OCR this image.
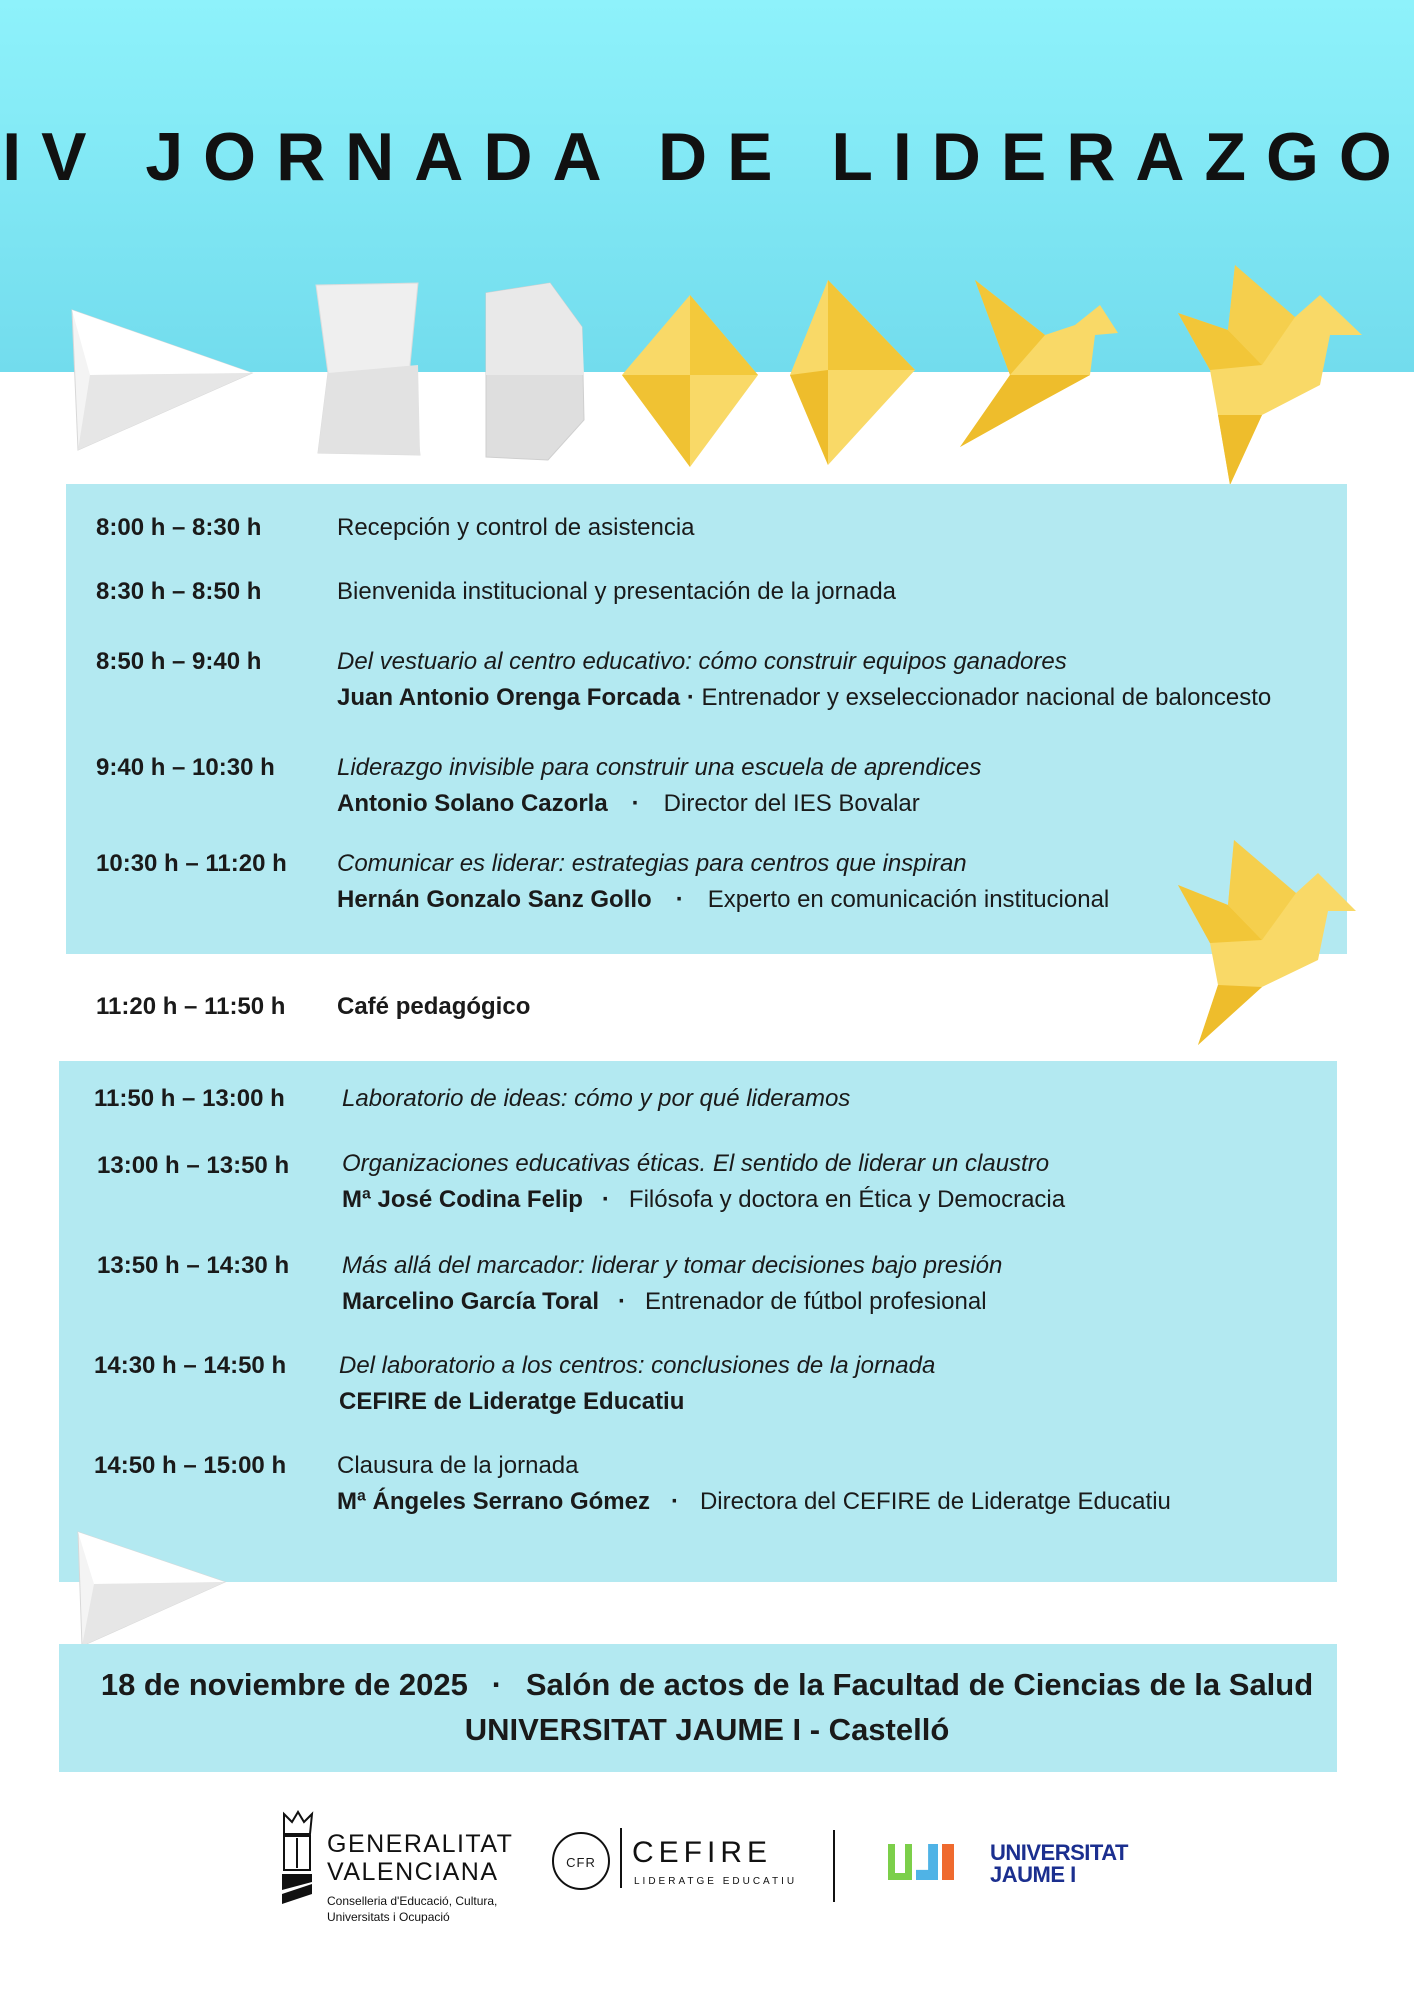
IV JORNADA DE LIDERAZGO
8:00 h – 8:30 h	Recepción y control de asistencia
8:30 h – 8:50 h	Bienvenida institucional y presentación de la jornada
8:50 h – 9:40 h	Del vestuario al centro educativo: cómo construir equipos ganadores
Juan Antonio Orenga Forcada · Entrenador y exseleccionador nacional de baloncesto
9:40 h – 10:30 h	Liderazgo invisible para construir una escuela de aprendices
Antonio Solano Cazorla · Director del IES Bovalar
10:30 h – 11:20 h Comunicar es liderar: estrategias para centros que inspiran
Hernán Gonzalo Sanz Gollo · Experto en comunicación institucional
11:20 h – 11:50 h Café pedagógico
11:50 h – 13:00 h Laboratorio de ideas: cómo y por qué lideramos
13:00 h – 13:50 h Organizaciones educativas éticas. El sentido de liderar un claustro
Mª José Codina Felip · Filósofa y doctora en Ética y Democracia
13:50 h – 14:30 h Más allá del marcador: liderar y tomar decisiones bajo presión
Marcelino García Toral · Entrenador de fútbol profesional
14:30 h – 14:50 h Del laboratorio a los centros: conclusiones de la jornada
CEFIRE de Lideratge Educatiu
14:50 h – 15:00 h Clausura de la jornada
Mª Ángeles Serrano Gómez · Directora del CEFIRE de Lideratge Educatiu
18 de noviembre de 2025 · Salón de actos de la Facultad de Ciencias de la Salud
UNIVERSITAT JAUME I - Castelló
GENERALITAT
VALENCIANA
Conselleria d'Educació, Cultura,
Universitats i Ocupació
CFR	CEFIRE
LIDERATGE EDUCATIU
UNIVERSITAT
JAUME I
